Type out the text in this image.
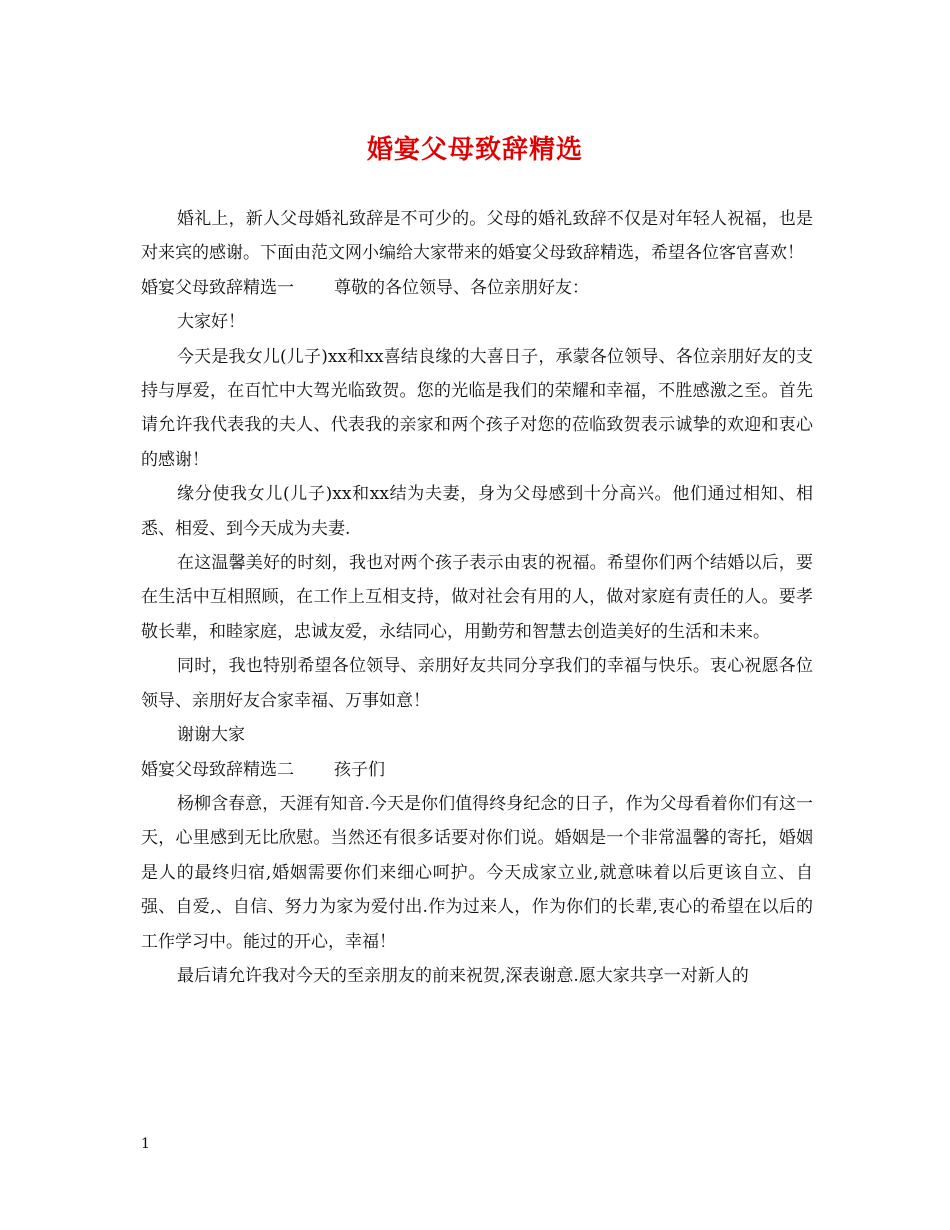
婚宴父母致辞精选

婚礼上，新人父母婚礼致辞是不可少的。父母的婚礼致辞不仅是对年轻人祝福，也是对来宾的感谢。下面由范文网小编给大家带来的婚宴父母致辞精选，希望各位客官喜欢！

婚宴父母致辞精选一 尊敬的各位领导、各位亲朋好友：

大家好！

今天是我女儿(儿子)xx和xx喜结良缘的大喜日子，承蒙各位领导、各位亲朋好友的支持与厚爱，在百忙中大驾光临致贺。您的光临是我们的荣耀和幸福，不胜感激之至。首先请允许我代表我的夫人、代表我的亲家和两个孩子对您的莅临致贺表示诚挚的欢迎和衷心的感谢！

缘分使我女儿(儿子)xx和xx结为夫妻，身为父母感到十分高兴。他们通过相知、相悉、相爱、到今天成为夫妻.

在这温馨美好的时刻，我也对两个孩子表示由衷的祝福。希望你们两个结婚以后，要在生活中互相照顾，在工作上互相支持，做对社会有用的人，做对家庭有责任的人。要孝敬长辈，和睦家庭，忠诚友爱，永结同心，用勤劳和智慧去创造美好的生活和未来。

同时，我也特别希望各位领导、亲朋好友共同分享我们的幸福与快乐。衷心祝愿各位领导、亲朋好友合家幸福、万事如意！

谢谢大家

婚宴父母致辞精选二 孩子们

杨柳含春意，天涯有知音.今天是你们值得终身纪念的日子，作为父母看着你们有这一天，心里感到无比欣慰。当然还有很多话要对你们说。婚姻是一个非常温馨的寄托，婚姻是人的最终归宿,婚姻需要你们来细心呵护。今天成家立业,就意味着以后更该自立、自强、自爱,、自信、努力为家为爱付出.作为过来人，作为你们的长辈,衷心的希望在以后的工作学习中。能过的开心，幸福！

最后请允许我对今天的至亲朋友的前来祝贺,深表谢意.愿大家共享一对新人的

1
